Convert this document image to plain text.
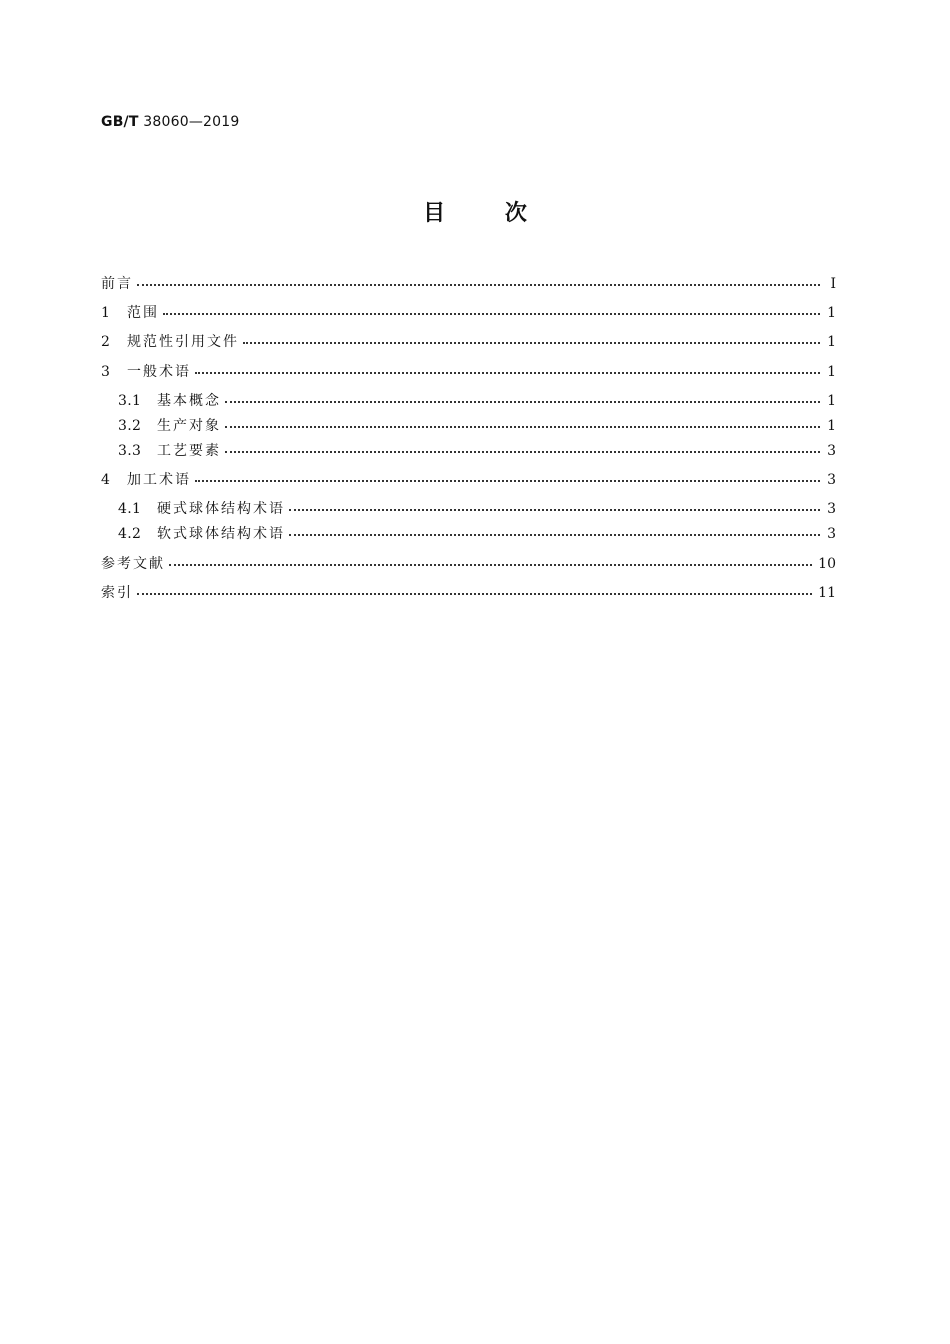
GB/T 38060—2019
目	次
前言	Ⅰ
1	范围	1
2	规范性引用文件	1
3	一般术语	1
3.1	基本概念	1
3.2	生产对象	1
3.3	工艺要素	3
4	加工术语	3
4.1	硬式球体结构术语	3
4.2	软式球体结构术语	3
参考文献	10
索引	11
